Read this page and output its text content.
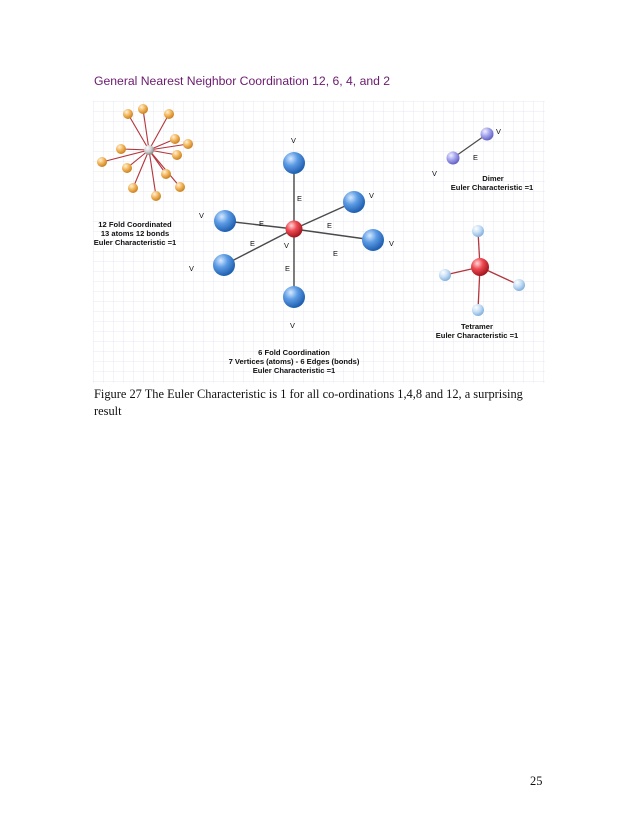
General Nearest Neighbor Coordination 12, 6, 4, and 2
12 Fold Coordinated
13 atoms 12 bonds
Euler Characteristic =1
V
V
V
V
V
V
V
E
E
E
E
E
E
6 Fold Coordination
7 Vertices (atoms) - 6 Edges (bonds)
Euler Characteristic =1
V
V
E
Dimer
Euler Characteristic =1
Tetramer
Euler Characteristic =1
Figure 27 The Euler Characteristic is 1 for all co-ordinations 1,4,8 and 12, a surprising result
25
